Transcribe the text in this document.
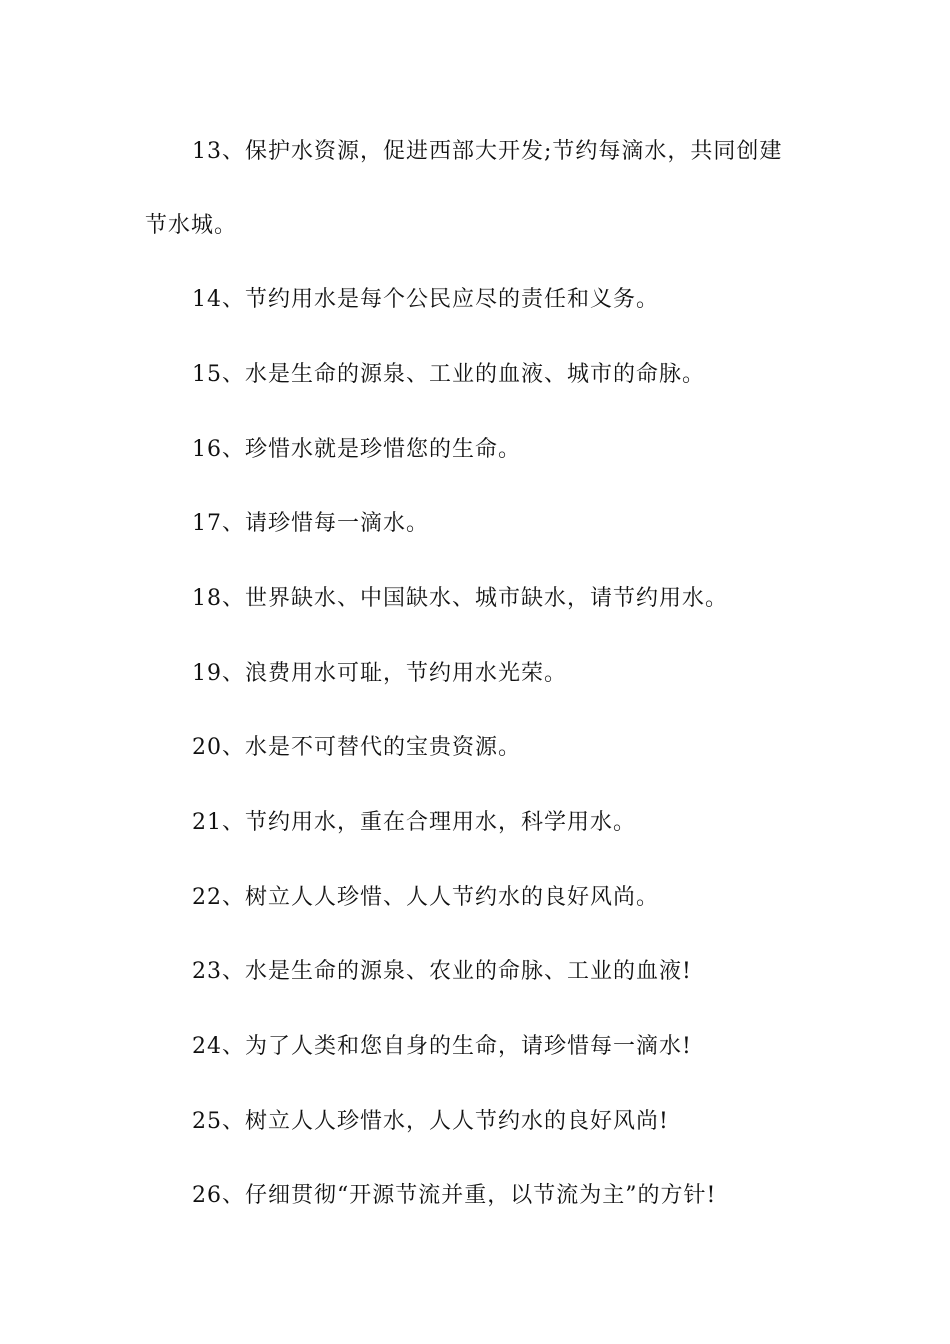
13、保护水资源，促进西部大开发;节约每滴水，共同创建
节水城。
14、节约用水是每个公民应尽的责任和义务。
15、水是生命的源泉、工业的血液、城市的命脉。
16、珍惜水就是珍惜您的生命。
17、请珍惜每一滴水。
18、世界缺水、中国缺水、城市缺水，请节约用水。
19、浪费用水可耻，节约用水光荣。
20、水是不可替代的宝贵资源。
21、节约用水，重在合理用水，科学用水。
22、树立人人珍惜、人人节约水的良好风尚。
23、水是生命的源泉、农业的命脉、工业的血液!
24、为了人类和您自身的生命，请珍惜每一滴水!
25、树立人人珍惜水，人人节约水的良好风尚!
26、仔细贯彻“开源节流并重，以节流为主”的方针!
